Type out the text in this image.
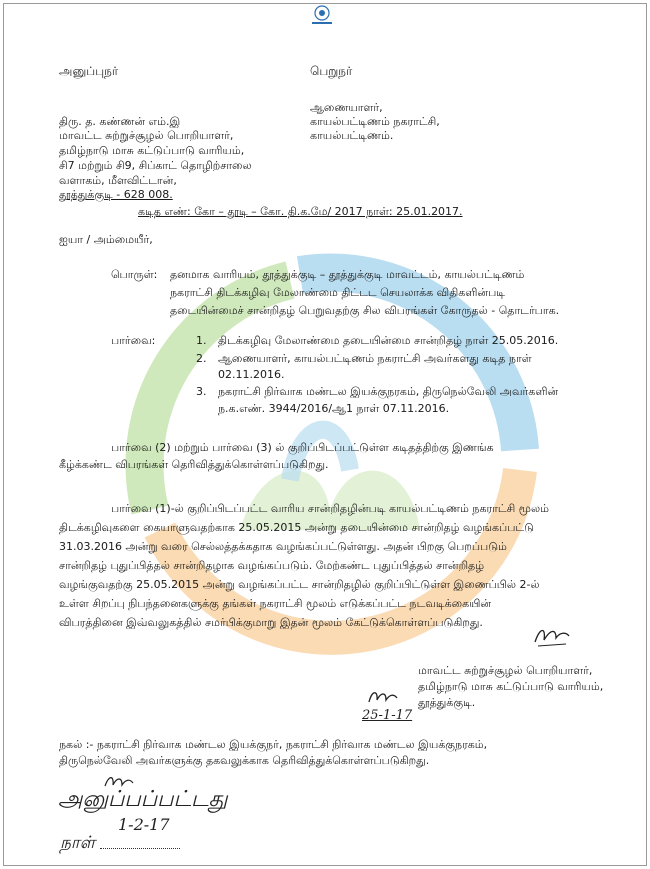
அனுப்புநர்
திரு. த. கண்ணன் எம்.இ
மாவட்ட சுற்றுச்சூழல் பொறியாளர்,
தமிழ்நாடு மாசு கட்டுப்பாடு வாரியம்,
சி7 மற்றும் சி9, சிப்காட் தொழிற்சாலை
வளாகம், மீளவிட்டான்,
தூத்துக்குடி - 628 008.
பெறுநர்
ஆணையாளர்,
காயல்பட்டிணம் நகராட்சி,
காயல்பட்டிணம்.
கடித எண்: கோ – தூடி – கோ. தி.க.மே/ 2017 நாள்: 25.01.2017.
ஐயா / அம்மையீர்,
பொருள்: தனமாக வாரியம், தூத்துக்குடி – தூத்துக்குடி மாவட்டம், காயல்பட்டிணம்
நகராட்சி திடக்கழிவு மேலாண்மை திட்டட செயலாக்க விதிகளின்படி
தடையின்மைச் சான்றிதழ் பெறுவதற்கு சில விபரங்கள் கோருதல் - தொடர்பாக.
பார்வை:	1. திடக்கழிவு மேலாண்மை தடையின்மை சான்றிதழ் நாள் 25.05.2016.
2. ஆணையாளர், காயல்பட்டிணம் நகராட்சி அவர்களது கடித நாள்
02.11.2016.
3. நகராட்சி நிர்வாக மண்டல இயக்குநரகம், திருநெல்வேலி அவர்களின்
ந.க.எண். 3944/2016/ஆ1 நாள் 07.11.2016.
பார்வை (2) மற்றும் பார்வை (3) ல் குறிப்பிடப்பட்டுள்ள கடிதத்திற்கு இணங்க
கீழ்க்கண்ட விபரங்கள் தெரிவித்துக்கொள்ளப்படுகிறது.
பார்வை (1)-ல் குறிப்பிடப்பட்ட வாரிய சான்றிதழின்படி காயல்பட்டிணம் நகராட்சி மூலம்
திடக்கழிவுகளை கையாளுவதற்காக 25.05.2015 அன்று தடையின்மை சான்றிதழ் வழங்கப்பட்டு
31.03.2016 அன்று வரை செல்லத்தக்கதாக வழங்கப்பட்டுள்ளது. அதன் பிறகு பெறப்படும்
சான்றிதழ் புதுப்பித்தல் சான்றிதழாக வழங்கப்படும். மேற்கண்ட புதுப்பித்தல் சான்றிதழ்
வழங்குவதற்கு 25.05.2015 அன்று வழங்கப்பட்ட சான்றிதழில் குறிப்பிட்டுள்ள இணைப்பில் 2-ல்
உள்ள சிறப்பு நிபந்தனைகளுக்கு தங்கள் நகராட்சி மூலம் எடுக்கப்பட்ட நடவடிக்கையின்
விபரத்தினை இவ்வலுகத்தில் சமர்பிக்குமாறு இதன் மூலம் கேட்டுக்கொள்ளப்படுகிறது.
மாவட்ட சுற்றுச்சூழல் பொறியாளர்,
தமிழ்நாடு மாசு கட்டுப்பாடு வாரியம்,
தூத்துக்குடி.
25-1-17
நகல் :- நகராட்சி நிர்வாக மண்டல இயக்குநர், நகராட்சி நிர்வாக மண்டல இயக்குநரகம்,
திருநெல்வேலி அவர்களுக்கு தகவலுக்காக தெரிவித்துக்கொள்ளப்படுகிறது.
அனுப்பப்பட்டது
நாள்
1-2-17
